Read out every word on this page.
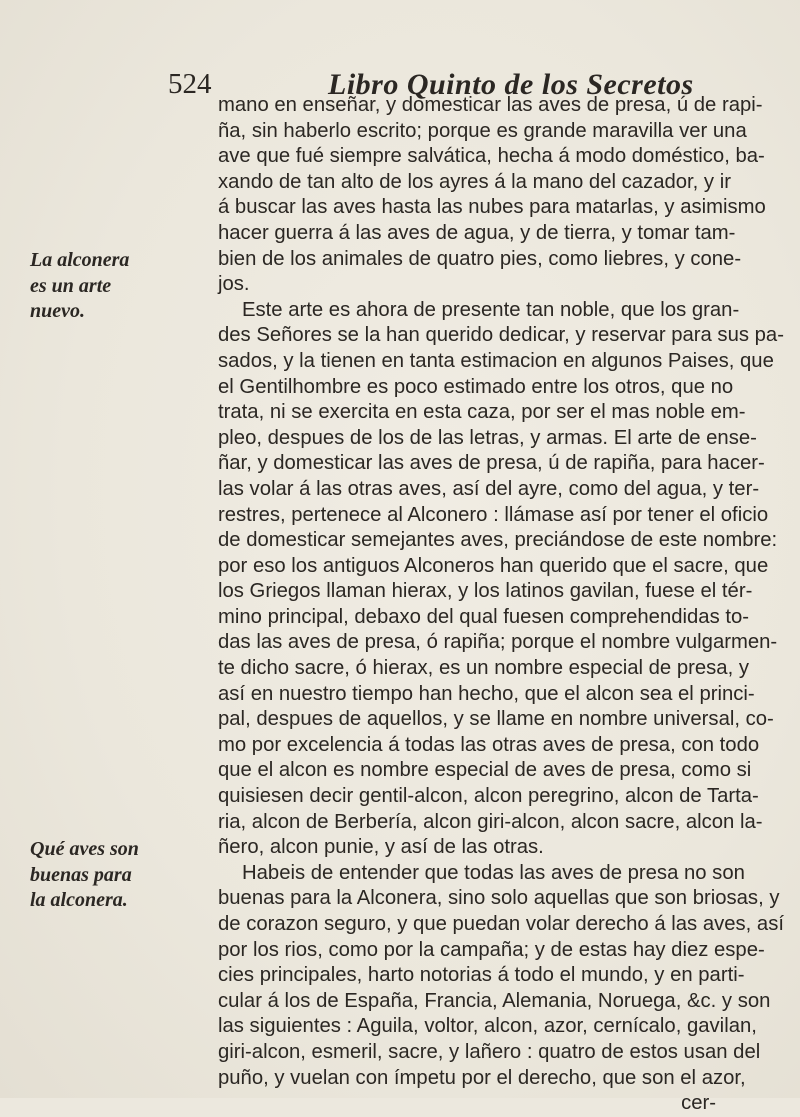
524	Libro Quinto de los Secretos
La alconera
es un arte
nuevo.
Qué aves son
buenas para
la alconera.
mano en enseñar, y domesticar las aves de presa, ú de rapi-
ña, sin haberlo escrito; porque es grande maravilla ver una
ave que fué siempre salvática, hecha á modo doméstico, ba-
xando de tan alto de los ayres á la mano del cazador, y ir
á buscar las aves hasta las nubes para matarlas, y asimismo
hacer guerra á las aves de agua, y de tierra, y tomar tam-
bien de los animales de quatro pies, como liebres, y cone-
jos.
Este arte es ahora de presente tan noble, que los gran-
des Señores se la han querido dedicar, y reservar para sus pa-
sados, y la tienen en tanta estimacion en algunos Paises, que
el Gentilhombre es poco estimado entre los otros, que no
trata, ni se exercita en esta caza, por ser el mas noble em-
pleo, despues de los de las letras, y armas. El arte de ense-
ñar, y domesticar las aves de presa, ú de rapiña, para hacer-
las volar á las otras aves, así del ayre, como del agua, y ter-
restres, pertenece al Alconero : llámase así por tener el oficio
de domesticar semejantes aves, preciándose de este nombre:
por eso los antiguos Alconeros han querido que el sacre, que
los Griegos llaman hierax, y los latinos gavilan, fuese el tér-
mino principal, debaxo del qual fuesen comprehendidas to-
das las aves de presa, ó rapiña; porque el nombre vulgarmen-
te dicho sacre, ó hierax, es un nombre especial de presa, y
así en nuestro tiempo han hecho, que el alcon sea el princi-
pal, despues de aquellos, y se llame en nombre universal, co-
mo por excelencia á todas las otras aves de presa, con todo
que el alcon es nombre especial de aves de presa, como si
quisiesen decir gentil-alcon, alcon peregrino, alcon de Tarta-
ria, alcon de Berbería, alcon giri-alcon, alcon sacre, alcon la-
ñero, alcon punie, y así de las otras.
Habeis de entender que todas las aves de presa no son
buenas para la Alconera, sino solo aquellas que son briosas, y
de corazon seguro, y que puedan volar derecho á las aves, así
por los rios, como por la campaña; y de estas hay diez espe-
cies principales, harto notorias á todo el mundo, y en parti-
cular á los de España, Francia, Alemania, Noruega, &c. y son
las siguientes : Aguila, voltor, alcon, azor, cernícalo, gavilan,
giri-alcon, esmeril, sacre, y lañero : quatro de estos usan del
puño, y vuelan con ímpetu por el derecho, que son el azor,
cer-
